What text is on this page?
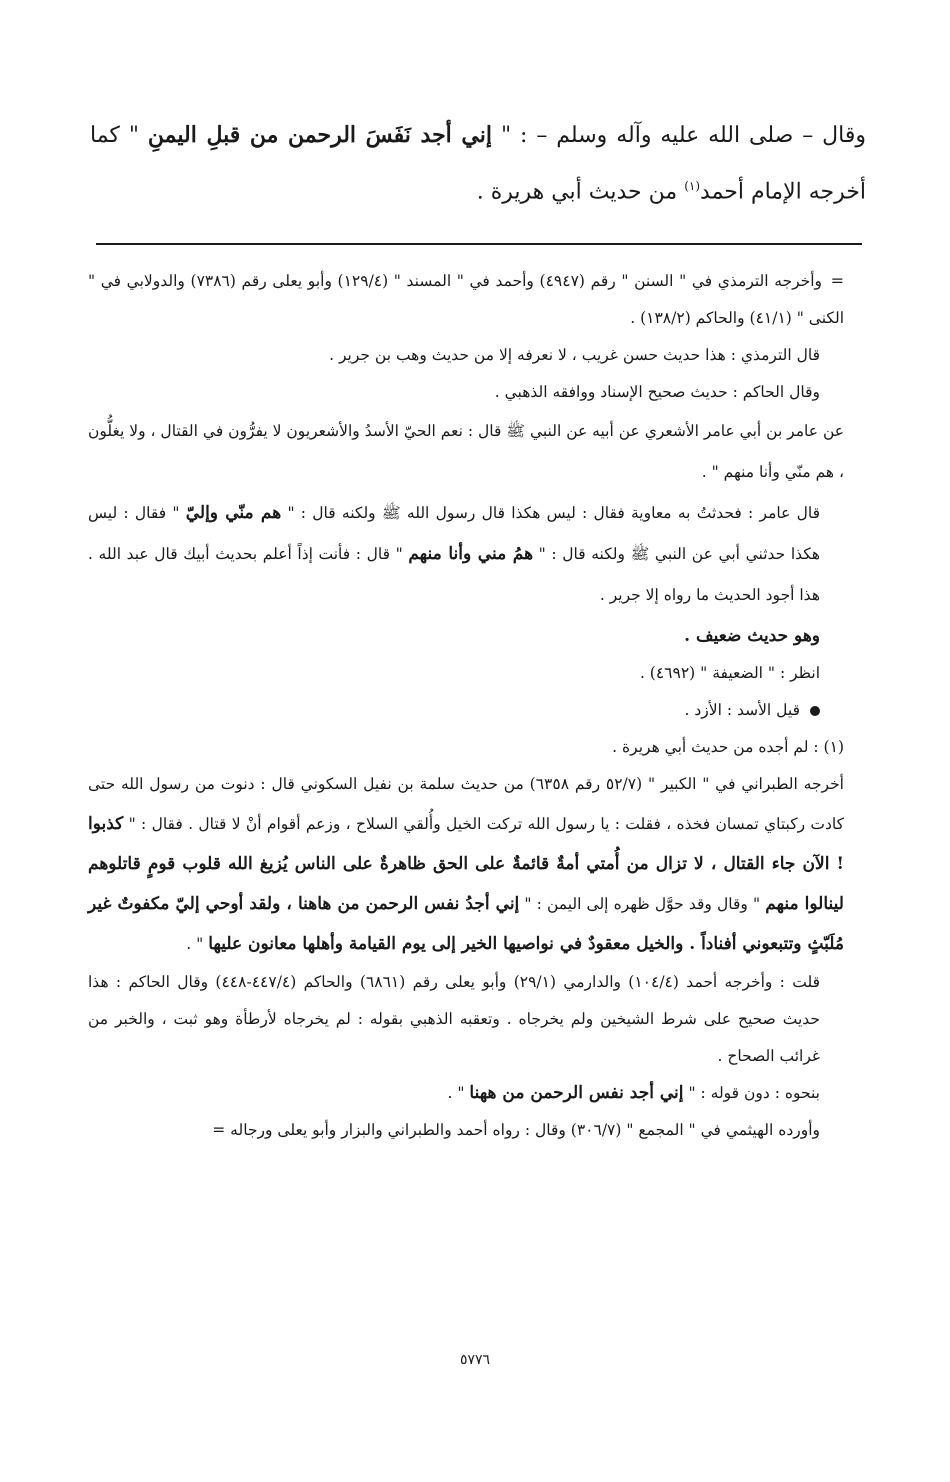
وقال – صلى الله عليه وآله وسلم – : " إني أجد نَفَسَ الرحمن من قبلِ اليمنِ " كما أخرجه الإمام أحمد$^{(١)}$ من حديث أبي هريرة .

=وأخرجه الترمذي في " السنن " رقم (٤٩٤٧) وأحمد في " المسند " (١٢٩/٤) وأبو يعلى رقم (٧٣٨٦) والدولابي في " الكنى " (٤١/١) والحاكم (١٣٨/٢) .

قال الترمذي : هذا حديث حسن غريب ، لا نعرفه إلا من حديث وهب بن جرير .

وقال الحاكم : حديث صحيح الإسناد ووافقه الذهبي .

عن عامر بن أبي عامر الأشعري عن أبيه عن النبي ﷺ قال : نعم الحيّ الأسدُ والأشعريون لا يفرُّون في القتال ، ولا يغلُّون ، هم منّي وأنا منهم " .

قال عامر : فحدثتُ به معاوية فقال : ليس هكذا قال رسول الله ﷺ ولكنه قال : " هم منّي وإليّ " فقال : ليس هكذا حدثني أبي عن النبي ﷺ ولكنه قال : " همُ مني وأنا منهم " قال : فأنت إذاً أعلم بحديث أبيك قال عبد الله . هذا أجود الحديث ما رواه إلا جرير .

وهو حديث ضعيف .

انظر : " الضعيفة " (٤٦٩٢) .

قيل الأسد : الأزد .

(١) : لم أجده من حديث أبي هريرة .

أخرجه الطبراني في " الكبير " (٥٢/٧ رقم ٦٣٥٨) من حديث سلمة بن نفيل السكوني قال : دنوت من رسول الله حتى كادت ركبتاي تمسان فخذه ، فقلت : يا رسول الله تركت الخيل وأُلقي السلاح ، وزعم أقوام أنْ لا قتال . فقال : " كذبوا ! الآن جاء القتال ، لا تزال من أُمتي أمةٌ قائمةٌ على الحق ظاهرةٌ على الناس يُزيغ الله قلوب قومٍ قاتلوهم لينالوا منهم " وقال وقد حوَّل ظهره إلى اليمن : " إني أجدُ نفس الرحمن من هاهنا ، ولقد أوحي إليّ مكفوتٌ غير مُلَبّثٍ وتتبعوني أفناداً . والخيل معقودٌ في نواصيها الخير إلى يوم القيامة وأهلها معانون عليها " .

قلت : وأخرجه أحمد (١٠٤/٤) والدارمي (٢٩/١) وأبو يعلى رقم (٦٨٦١) والحاكم (٤٤٧/٤-٤٤٨) وقال الحاكم : هذا حديث صحيح على شرط الشيخين ولم يخرجاه . وتعقبه الذهبي بقوله : لم يخرجاه لأرطأة وهو ثبت ، والخبر من غرائب الصحاح .

بنحوه : دون قوله : " إني أجد نفس الرحمن من ههنا " .

وأورده الهيثمي في " المجمع " (٣٠٦/٧) وقال : رواه أحمد والطبراني والبزار وأبو يعلى ورجاله =

٥٧٧٦
